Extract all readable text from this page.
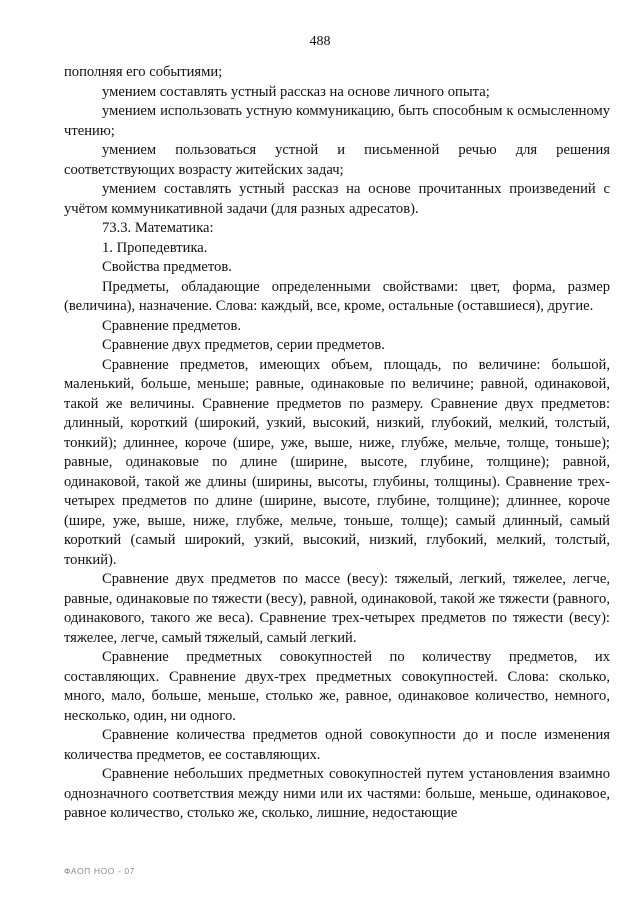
488

пополняя его событиями;

умением составлять устный рассказ на основе личного опыта;

умением использовать устную коммуникацию, быть способным к осмысленному чтению;

умением пользоваться устной и письменной речью для решения соответствующих возрасту житейских задач;

умением составлять устный рассказ на основе прочитанных произведений с учётом коммуникативной задачи (для разных адресатов).

73.3. Математика:

1. Пропедевтика.

Свойства предметов.

Предметы, обладающие определенными свойствами: цвет, форма, размер (величина), назначение. Слова: каждый, все, кроме, остальные (оставшиеся), другие.

Сравнение предметов.

Сравнение двух предметов, серии предметов.

Сравнение предметов, имеющих объем, площадь, по величине: большой, маленький, больше, меньше; равные, одинаковые по величине; равной, одинаковой, такой же величины. Сравнение предметов по размеру. Сравнение двух предметов: длинный, короткий (широкий, узкий, высокий, низкий, глубокий, мелкий, толстый, тонкий); длиннее, короче (шире, уже, выше, ниже, глубже, мельче, толще, тоньше); равные, одинаковые по длине (ширине, высоте, глубине, толщине); равной, одинаковой, такой же длины (ширины, высоты, глубины, толщины). Сравнение трех-четырех предметов по длине (ширине, высоте, глубине, толщине); длиннее, короче (шире, уже, выше, ниже, глубже, мельче, тоньше, толще); самый длинный, самый короткий (самый широкий, узкий, высокий, низкий, глубокий, мелкий, толстый, тонкий).

Сравнение двух предметов по массе (весу): тяжелый, легкий, тяжелее, легче, равные, одинаковые по тяжести (весу), равной, одинаковой, такой же тяжести (равного, одинакового, такого же веса). Сравнение трех-четырех предметов по тяжести (весу): тяжелее, легче, самый тяжелый, самый легкий.

Сравнение предметных совокупностей по количеству предметов, их составляющих. Сравнение двух-трех предметных совокупностей. Слова: сколько, много, мало, больше, меньше, столько же, равное, одинаковое количество, немного, несколько, один, ни одного.

Сравнение количества предметов одной совокупности до и после изменения количества предметов, ее составляющих.

Сравнение небольших предметных совокупностей путем установления взаимно однозначного соответствия между ними или их частями: больше, меньше, одинаковое, равное количество, столько же, сколько, лишние, недостающие

ФАОП НОО - 07
